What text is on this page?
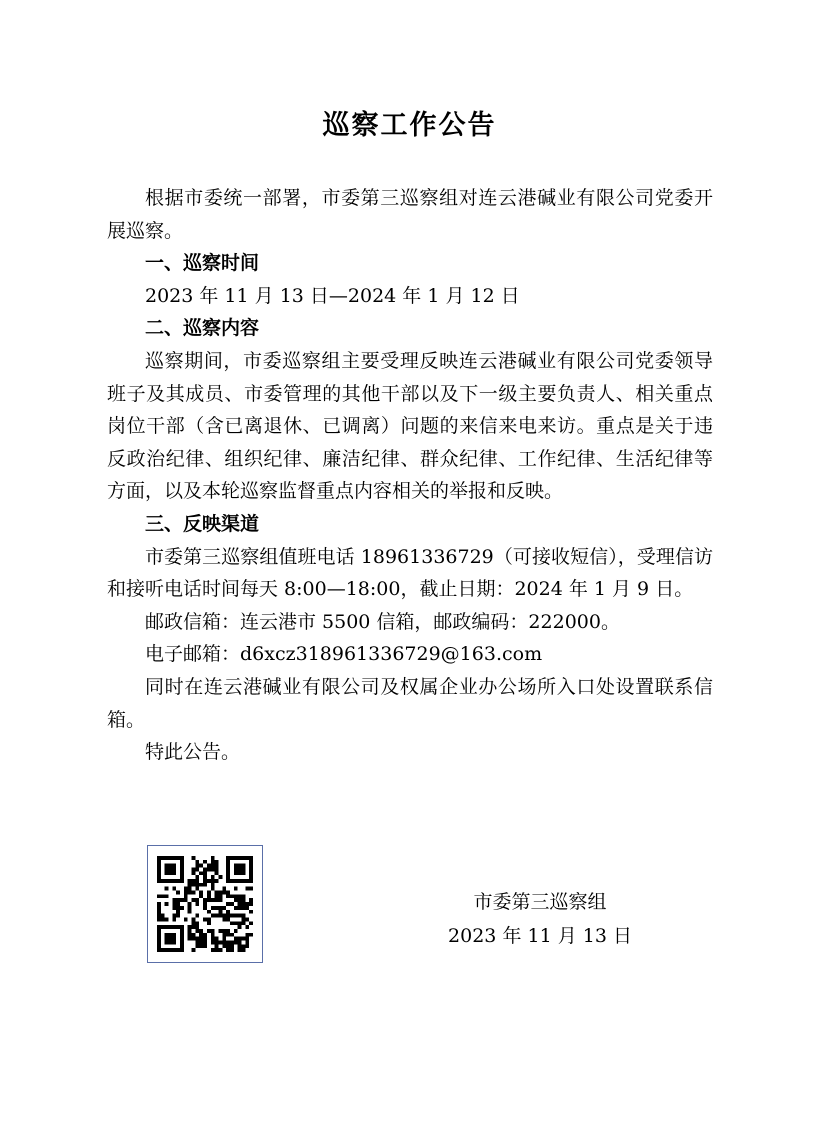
巡察工作公告

根据市委统一部署，市委第三巡察组对连云港碱业有限公司党委开展巡察。

一、巡察时间

2023 年 11 月 13 日—2024 年 1 月 12 日

二、巡察内容

巡察期间，市委巡察组主要受理反映连云港碱业有限公司党委领导班子及其成员、市委管理的其他干部以及下一级主要负责人、相关重点岗位干部（含已离退休、已调离）问题的来信来电来访。重点是关于违反政治纪律、组织纪律、廉洁纪律、群众纪律、工作纪律、生活纪律等方面，以及本轮巡察监督重点内容相关的举报和反映。

三、反映渠道

市委第三巡察组值班电话 18961336729（可接收短信），受理信访和接听电话时间每天 8:00—18:00，截止日期：2024 年 1 月 9 日。

邮政信箱：连云港市 5500 信箱，邮政编码：222000。

电子邮箱：d6xcz318961336729@163.com

同时在连云港碱业有限公司及权属企业办公场所入口处设置联系信箱。

特此公告。

市委第三巡察组
2023 年 11 月 13 日
